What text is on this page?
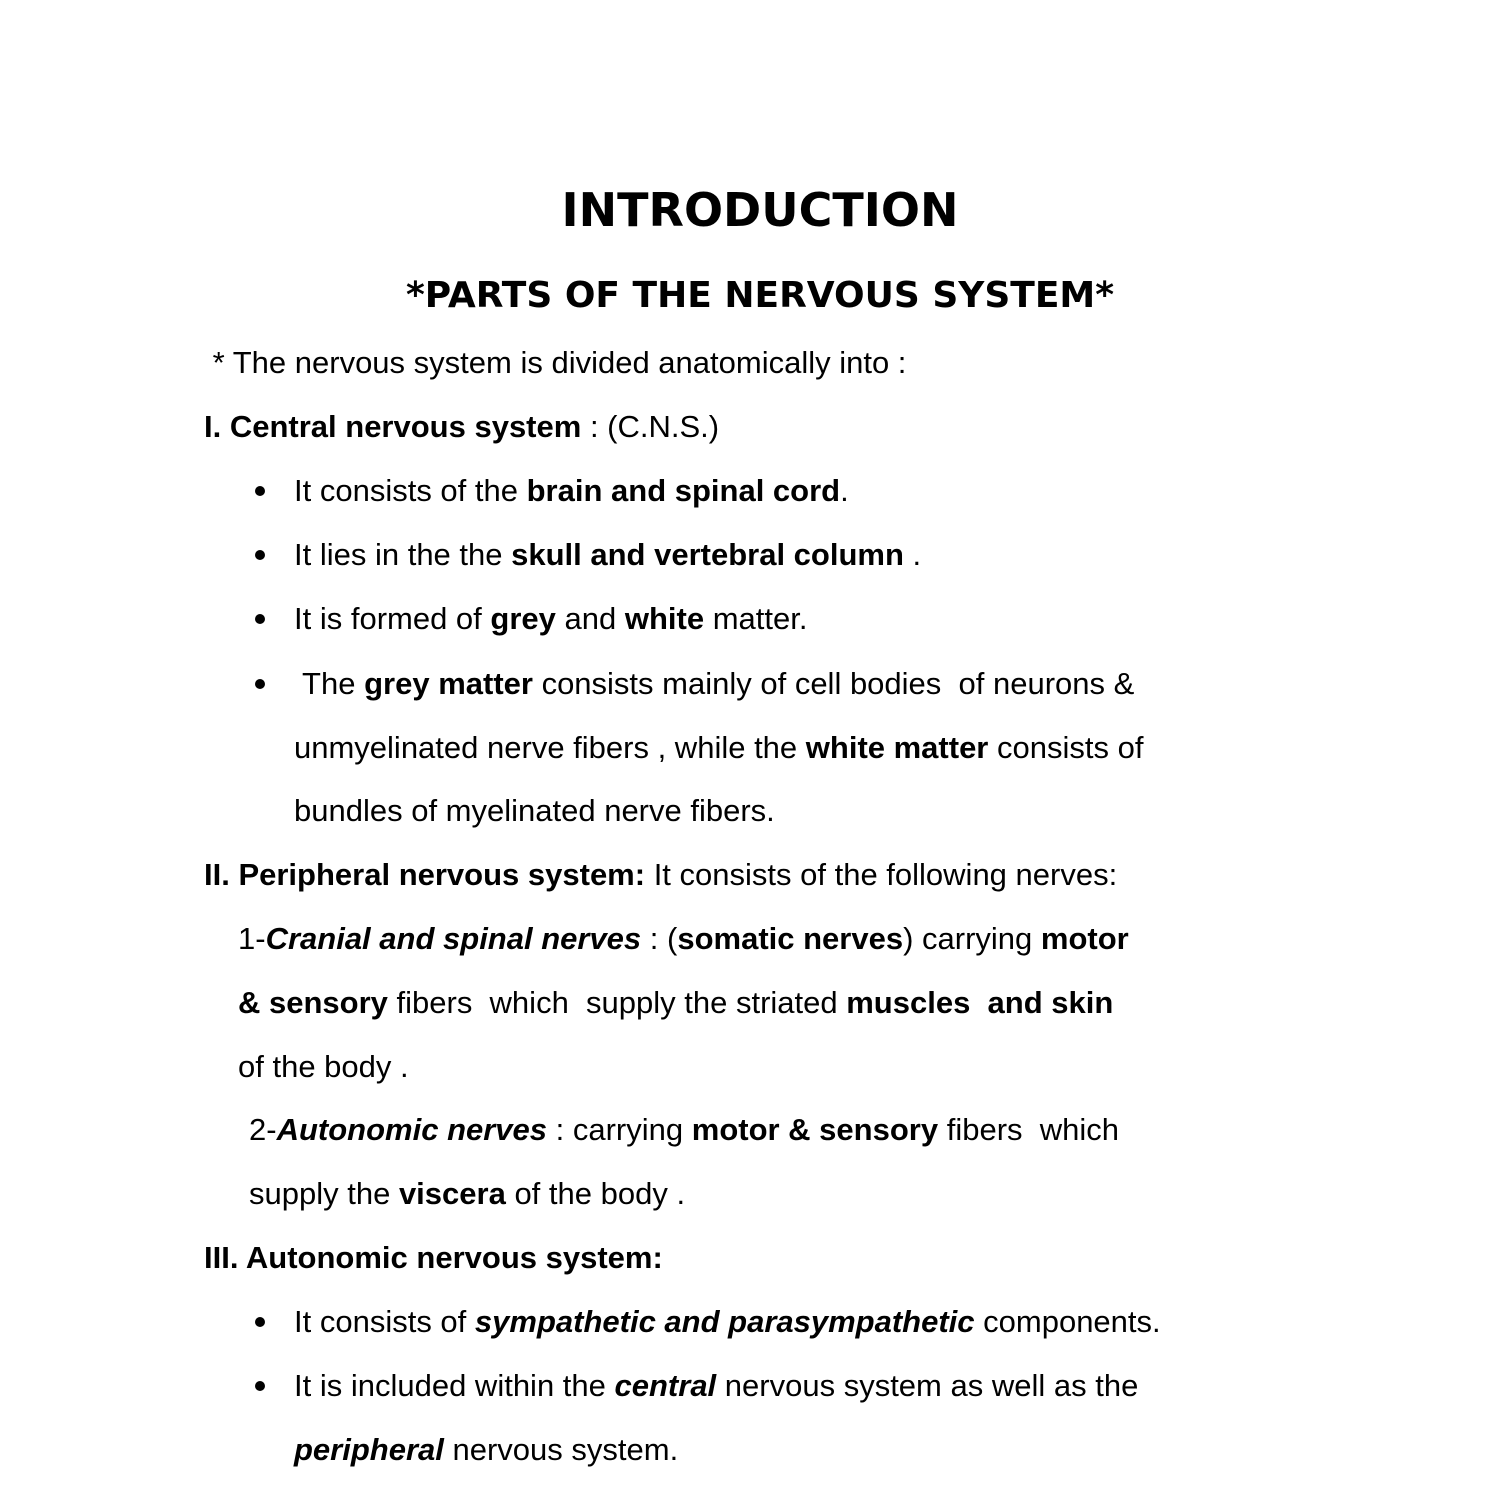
INTRODUCTION
*PARTS OF THE NERVOUS SYSTEM*
* The nervous system is divided anatomically into :
I. Central nervous system : (C.N.S.)
It consists of the brain and spinal cord.
It lies in the the skull and vertebral column .
It is formed of grey and white matter.
The grey matter consists mainly of cell bodies  of neurons &
unmyelinated nerve fibers , while the white matter consists of
bundles of myelinated nerve fibers.
II. Peripheral nervous system: It consists of the following nerves:
1-Cranial and spinal nerves : (somatic nerves) carrying motor
& sensory fibers  which  supply the striated muscles  and skin
of the body .
2-Autonomic nerves : carrying motor & sensory fibers  which
supply the viscera of the body .
III. Autonomic nervous system:
It consists of sympathetic and parasympathetic components.
It is included within the central nervous system as well as the
peripheral nervous system.
